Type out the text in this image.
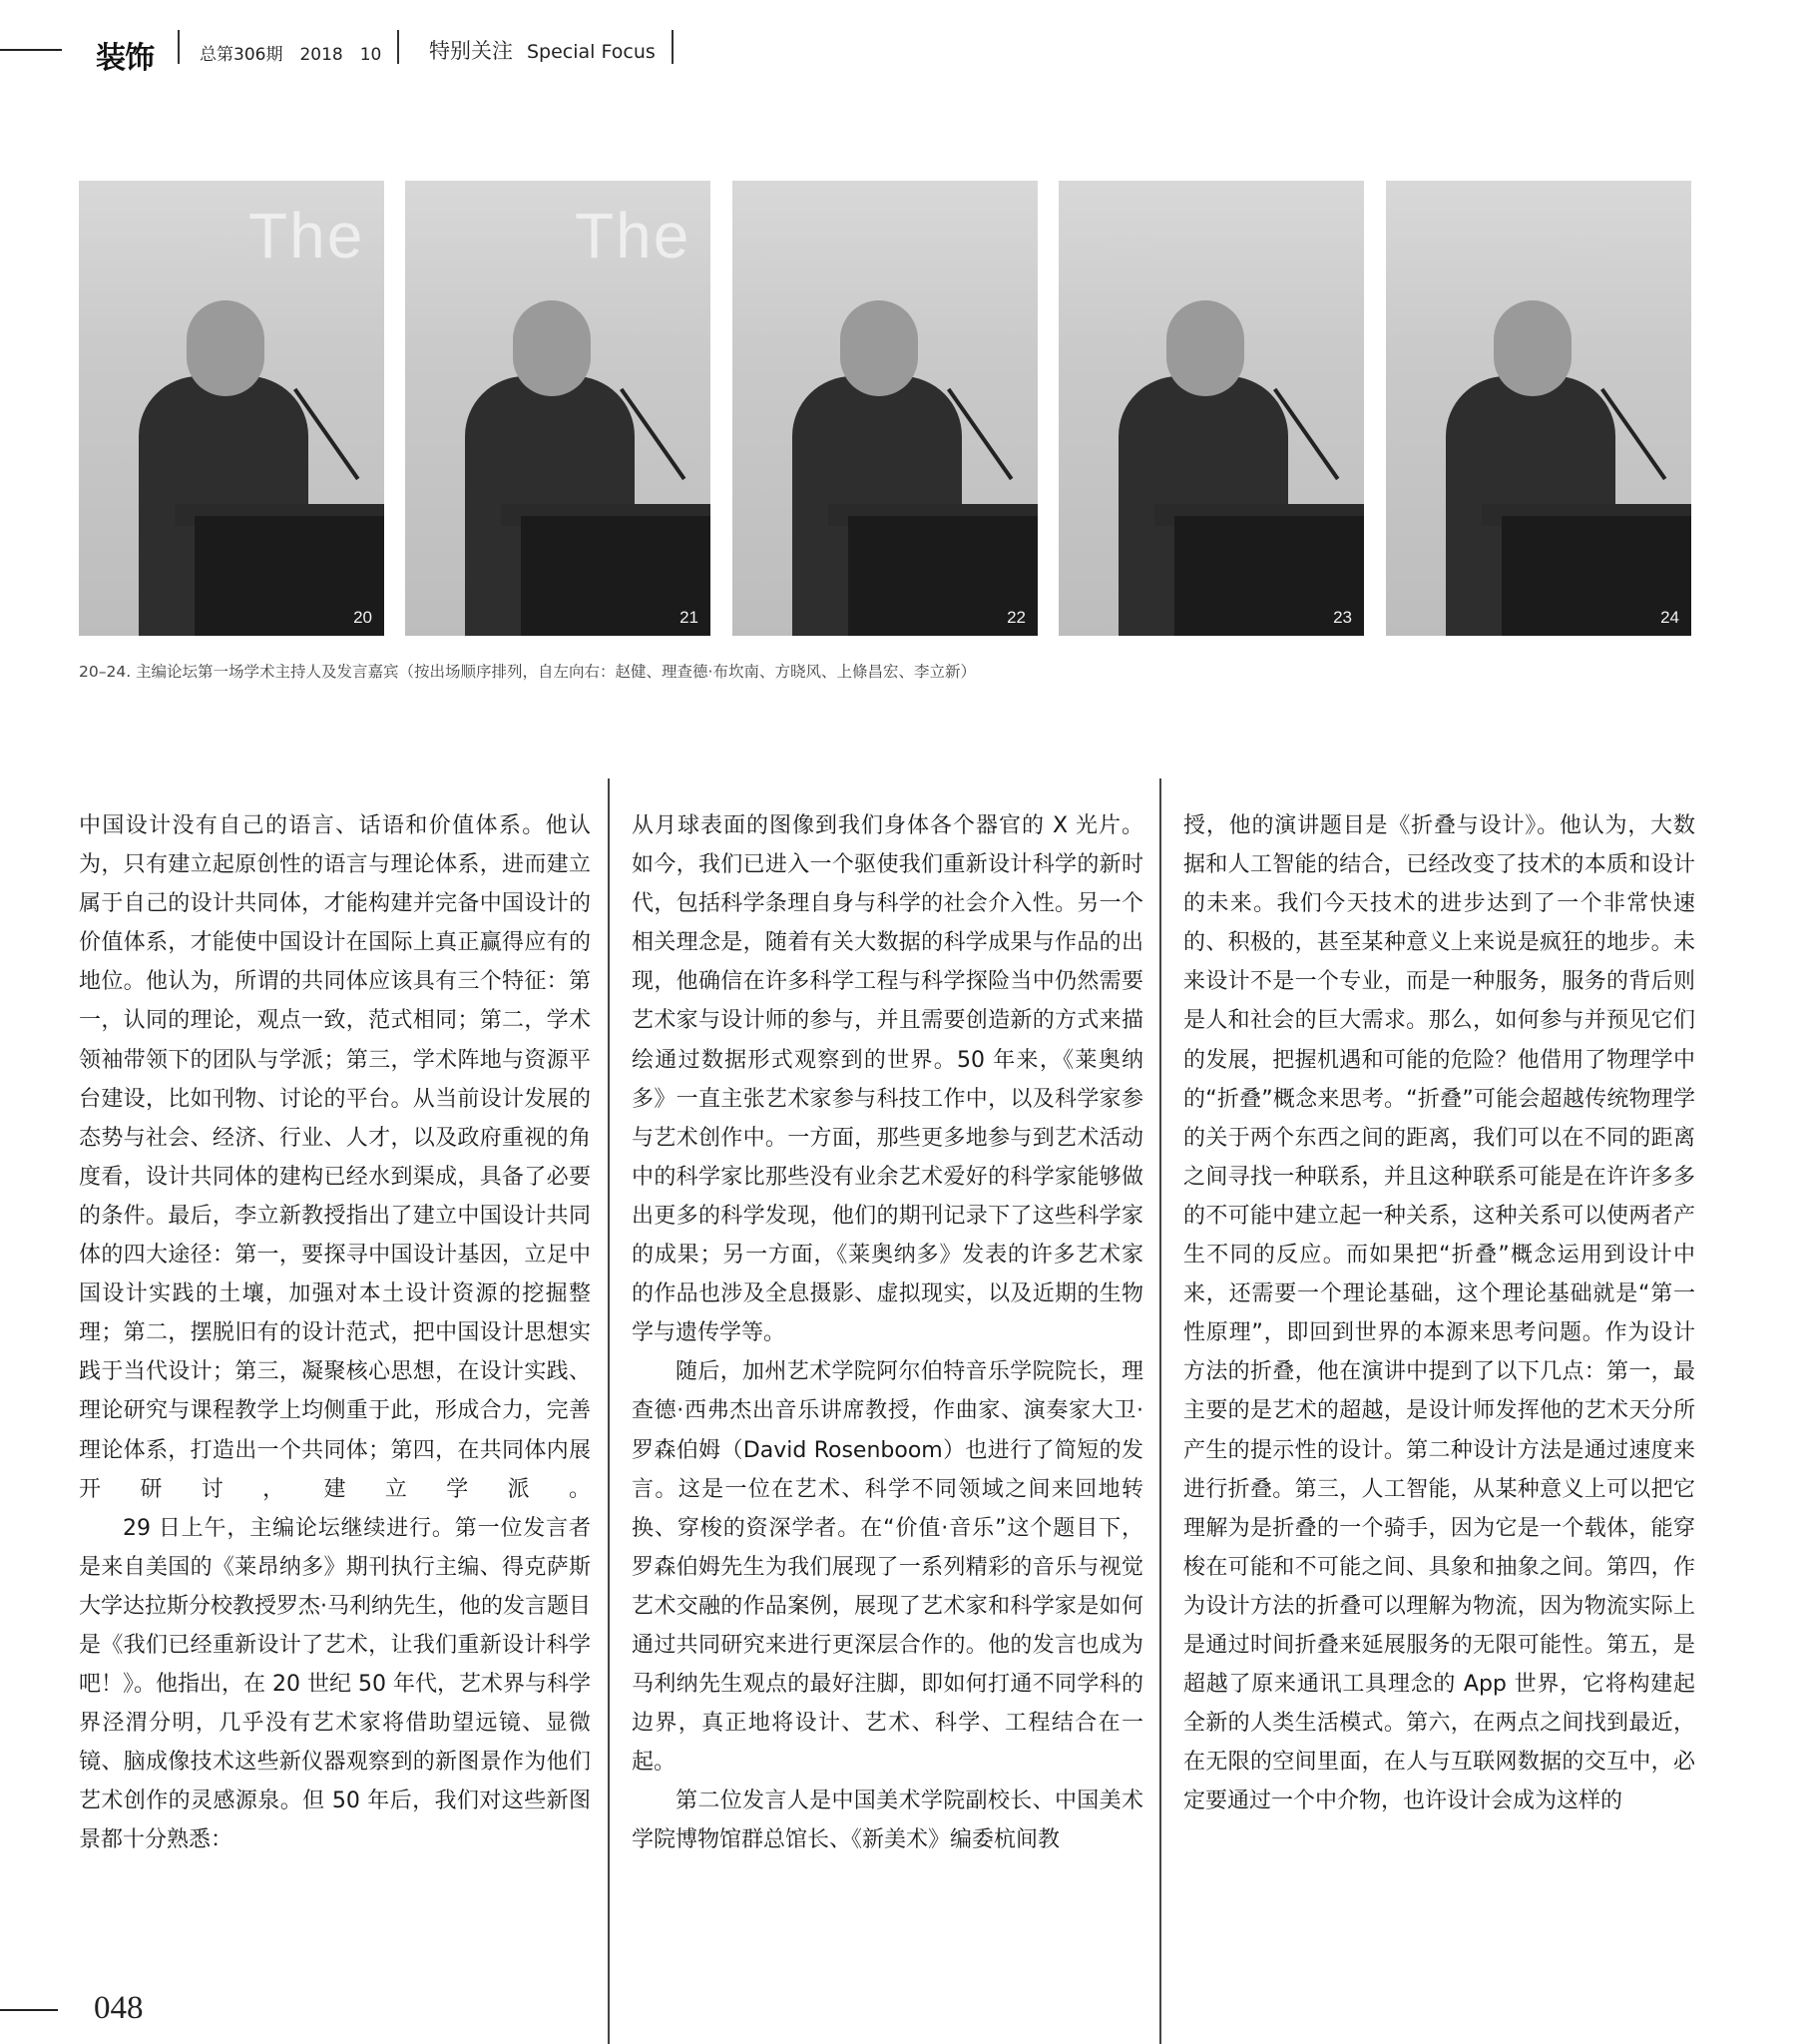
装饰	总第306期　2018　10 特别关注 Special Focus
The
20
The
21	22	23	24
20–24. 主编论坛第一场学术主持人及发言嘉宾（按出场顺序排列，自左向右：赵健、理查德·布坎南、方晓风、上條昌宏、李立新）

中国设计没有自己的语言、话语和价值体系。他认为，只有建立起原创性的语言与理论体系，进而建立属于自己的设计共同体，才能构建并完备中国设计的价值体系，才能使中国设计在国际上真正赢得应有的地位。他认为，所谓的共同体应该具有三个特征：第一，认同的理论，观点一致，范式相同；第二，学术领袖带领下的团队与学派；第三，学术阵地与资源平台建设，比如刊物、讨论的平台。从当前设计发展的态势与社会、经济、行业、人才，以及政府重视的角度看，设计共同体的建构已经水到渠成，具备了必要的条件。最后，李立新教授指出了建立中国设计共同体的四大途径：第一，要探寻中国设计基因，立足中国设计实践的土壤，加强对本土设计资源的挖掘整理；第二，摆脱旧有的设计范式，把中国设计思想实践于当代设计；第三，凝聚核心思想，在设计实践、理论研究与课程教学上均侧重于此，形成合力，完善理论体系，打造出一个共同体；第四，在共同体内展开研讨，建立学派。

29 日上午，主编论坛继续进行。第一位发言者是来自美国的《莱昂纳多》期刊执行主编、得克萨斯大学达拉斯分校教授罗杰·马利纳先生，他的发言题目是《我们已经重新设计了艺术，让我们重新设计科学吧！》。他指出，在 20 世纪 50 年代，艺术界与科学界泾渭分明，几乎没有艺术家将借助望远镜、显微镜、脑成像技术这些新仪器观察到的新图景作为他们艺术创作的灵感源泉。但 50 年后，我们对这些新图景都十分熟悉：

从月球表面的图像到我们身体各个器官的 X 光片。如今，我们已进入一个驱使我们重新设计科学的新时代，包括科学条理自身与科学的社会介入性。另一个相关理念是，随着有关大数据的科学成果与作品的出现，他确信在许多科学工程与科学探险当中仍然需要艺术家与设计师的参与，并且需要创造新的方式来描绘通过数据形式观察到的世界。50 年来，《莱奥纳多》一直主张艺术家参与科技工作中，以及科学家参与艺术创作中。一方面，那些更多地参与到艺术活动中的科学家比那些没有业余艺术爱好的科学家能够做出更多的科学发现，他们的期刊记录下了这些科学家的成果；另一方面，《莱奥纳多》发表的许多艺术家的作品也涉及全息摄影、虚拟现实，以及近期的生物学与遗传学等。

随后，加州艺术学院阿尔伯特音乐学院院长，理查德·西弗杰出音乐讲席教授，作曲家、演奏家大卫·罗森伯姆（David Rosenboom）也进行了简短的发言。这是一位在艺术、科学不同领域之间来回地转换、穿梭的资深学者。在“价值·音乐”这个题目下，罗森伯姆先生为我们展现了一系列精彩的音乐与视觉艺术交融的作品案例，展现了艺术家和科学家是如何通过共同研究来进行更深层合作的。他的发言也成为马利纳先生观点的最好注脚，即如何打通不同学科的边界，真正地将设计、艺术、科学、工程结合在一起。

第二位发言人是中国美术学院副校长、中国美术学院博物馆群总馆长、《新美术》编委杭间教

授，他的演讲题目是《折叠与设计》。他认为，大数据和人工智能的结合，已经改变了技术的本质和设计的未来。我们今天技术的进步达到了一个非常快速的、积极的，甚至某种意义上来说是疯狂的地步。未来设计不是一个专业，而是一种服务，服务的背后则是人和社会的巨大需求。那么，如何参与并预见它们的发展，把握机遇和可能的危险？他借用了物理学中的“折叠”概念来思考。“折叠”可能会超越传统物理学的关于两个东西之间的距离，我们可以在不同的距离之间寻找一种联系，并且这种联系可能是在许许多多的不可能中建立起一种关系，这种关系可以使两者产生不同的反应。而如果把“折叠”概念运用到设计中来，还需要一个理论基础，这个理论基础就是“第一性原理”，即回到世界的本源来思考问题。作为设计方法的折叠，他在演讲中提到了以下几点：第一，最主要的是艺术的超越，是设计师发挥他的艺术天分所产生的提示性的设计。第二种设计方法是通过速度来进行折叠。第三，人工智能，从某种意义上可以把它理解为是折叠的一个骑手，因为它是一个载体，能穿梭在可能和不可能之间、具象和抽象之间。第四，作为设计方法的折叠可以理解为物流，因为物流实际上是通过时间折叠来延展服务的无限可能性。第五，是超越了原来通讯工具理念的 App 世界，它将构建起全新的人类生活模式。第六，在两点之间找到最近，在无限的空间里面，在人与互联网数据的交互中，必定要通过一个中介物，也许设计会成为这样的

048
